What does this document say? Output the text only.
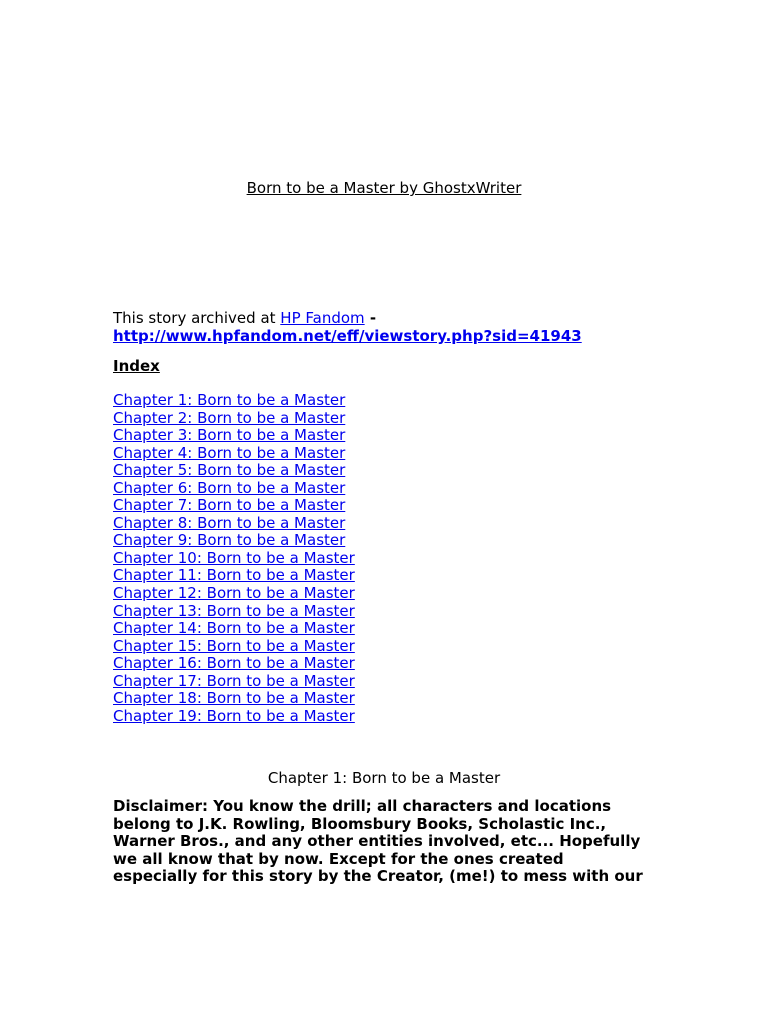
Born to be a Master by GhostxWriter
This story archived at HP Fandom -
http://www.hpfandom.net/eff/viewstory.php?sid=41943
Index
Chapter 1: Born to be a Master
Chapter 2: Born to be a Master
Chapter 3: Born to be a Master
Chapter 4: Born to be a Master
Chapter 5: Born to be a Master
Chapter 6: Born to be a Master
Chapter 7: Born to be a Master
Chapter 8: Born to be a Master
Chapter 9: Born to be a Master
Chapter 10: Born to be a Master
Chapter 11: Born to be a Master
Chapter 12: Born to be a Master
Chapter 13: Born to be a Master
Chapter 14: Born to be a Master
Chapter 15: Born to be a Master
Chapter 16: Born to be a Master
Chapter 17: Born to be a Master
Chapter 18: Born to be a Master
Chapter 19: Born to be a Master
Chapter 1: Born to be a Master

Disclaimer: You know the drill; all characters and locations
belong to J.K. Rowling, Bloomsbury Books, Scholastic Inc.,
Warner Bros., and any other entities involved, etc... Hopefully
we all know that by now. Except for the ones created
especially for this story by the Creator, (me!) to mess with our
